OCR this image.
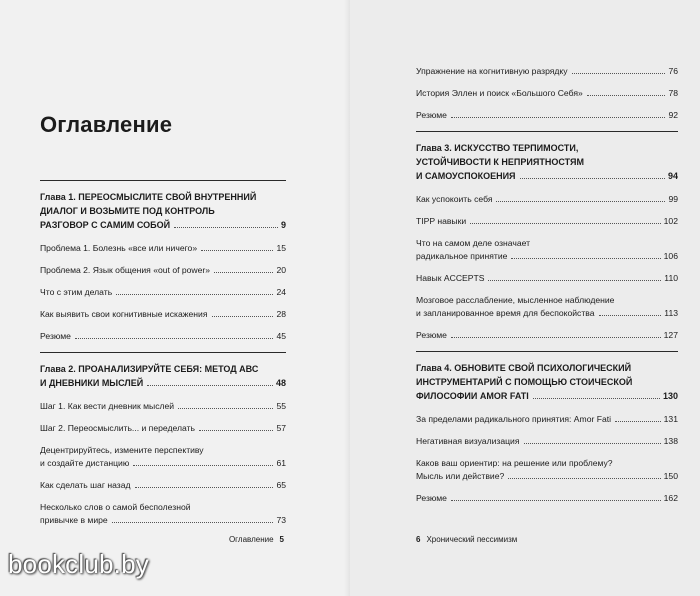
Оглавление
Глава 1. ПЕРЕОСМЫСЛИТЕ СВОЙ ВНУТРЕННИЙ
ДИАЛОГ И ВОЗЬМИТЕ ПОД КОНТРОЛЬ
РАЗГОВОР С САМИМ СОБОЙ	9
Проблема 1. Болезнь «все или ничего»	15
Проблема 2. Язык общения «out of power»	20
Что с этим делать	24
Как выявить свои когнитивные искажения	28
Резюме	45
Глава 2. ПРОАНАЛИЗИРУЙТЕ СЕБЯ: МЕТОД АВС
И ДНЕВНИКИ МЫСЛЕЙ	48
Шаг 1. Как вести дневник мыслей	55
Шаг 2. Переосмыслить... и переделать	57
Децентрируйтесь, измените перспективу
и создайте дистанцию	61
Как сделать шаг назад	65
Несколько слов о самой бесполезной
привычке в мире	73
Оглавление 5
Упражнение на когнитивную разрядку	76
История Эллен и поиск «Большого Себя»	78
Резюме	92
Глава 3. ИСКУССТВО ТЕРПИМОСТИ,
УСТОЙЧИВОСТИ К НЕПРИЯТНОСТЯМ
И САМОУСПОКОЕНИЯ	94
Как успокоить себя	99
TIPP навыки	102
Что на самом деле означает
радикальное принятие	106
Навык ACCEPTS	110
Мозговое расслабление, мысленное наблюдение
и запланированное время для беспокойства	113
Резюме	127
Глава 4. ОБНОВИТЕ СВОЙ ПСИХОЛОГИЧЕСКИЙ
ИНСТРУМЕНТАРИЙ С ПОМОЩЬЮ СТОИЧЕСКОЙ
ФИЛОСОФИИ AMOR FATI	130
За пределами радикального принятия: Amor Fati	131
Негативная визуализация	138
Каков ваш ориентир: на решение или проблему?
Мысль или действие?	150
Резюме	162
6 Хронический пессимизм
bookclub.by
